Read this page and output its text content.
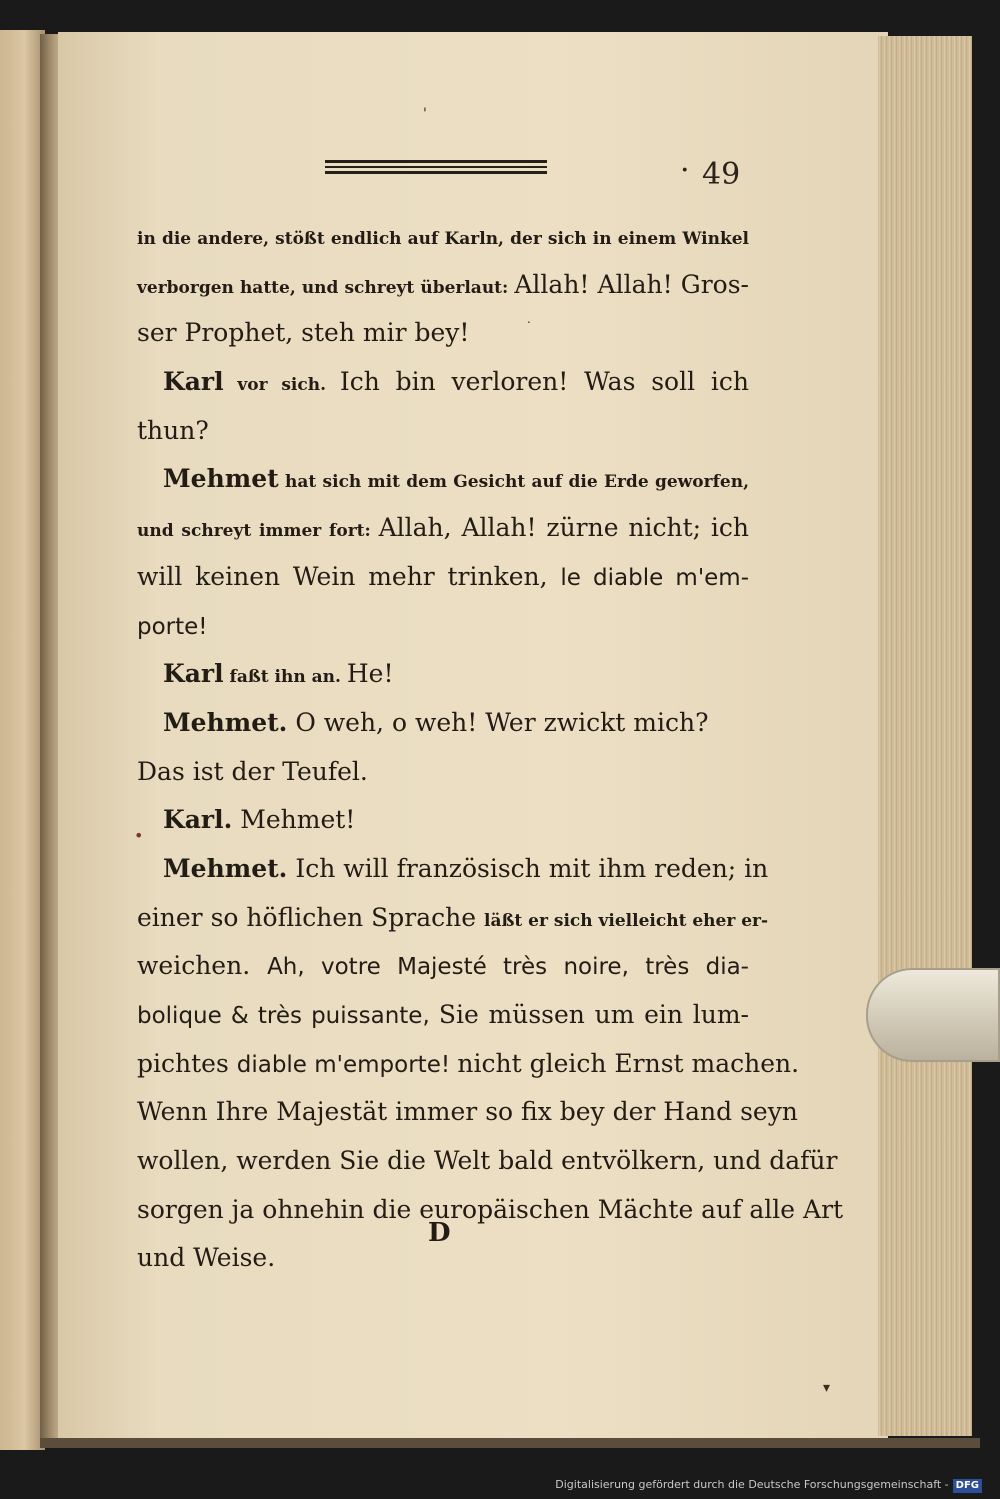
· 49
in die andere, stößt endlich auf Karln, der sich in einem Winkel
verborgen hatte, und schreyt überlaut: Allah! Allah! Gros-
ser Prophet, steh mir bey!
Karl vor sich. Ich bin verloren! Was soll ich
thun?
Mehmet hat sich mit dem Gesicht auf die Erde geworfen,
und schreyt immer fort: Allah, Allah! zürne nicht; ich
will keinen Wein mehr trinken, le diable m'em-
porte!
Karl faßt ihn an. He!
Mehmet. O weh, o weh! Wer zwickt mich?
Das ist der Teufel.
Karl. Mehmet!
Mehmet. Ich will französisch mit ihm reden; in
einer so höflichen Sprache läßt er sich vielleicht eher er-
weichen. Ah, votre Majesté très noire, très dia-
bolique & très puissante, Sie müssen um ein lum-
pichtes diable m'emporte! nicht gleich Ernst machen.
Wenn Ihre Majestät immer so fix bey der Hand seyn
wollen, werden Sie die Welt bald entvölkern, und dafür
sorgen ja ohnehin die europäischen Mächte auf alle Art
und Weise.
D
'
.
•
▾
Digitalisierung gefördert durch die Deutsche Forschungsgemeinschaft - DFG
